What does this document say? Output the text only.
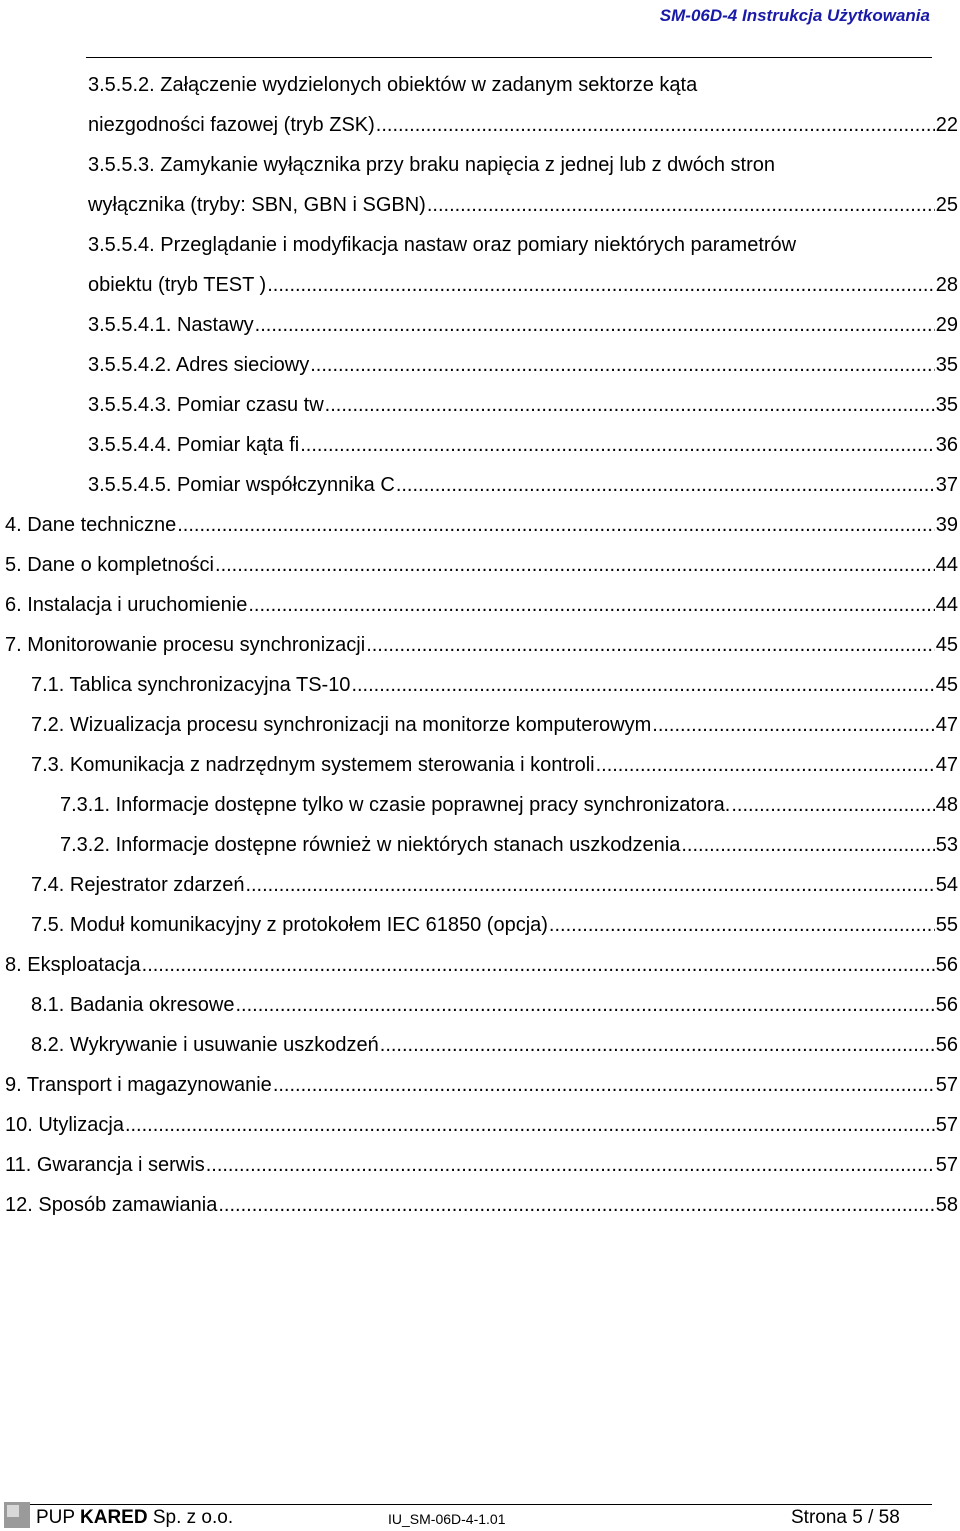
SM-06D-4 Instrukcja Użytkowania
3.5.5.2. Załączenie wydzielonych obiektów w zadanym sektorze kąta
niezgodności fazowej (tryb ZSK) .....	22
3.5.5.3. Zamykanie wyłącznika przy braku napięcia z jednej lub z dwóch stron
wyłącznika (tryby: SBN, GBN i SGBN) .....	25
3.5.5.4. Przeglądanie i modyfikacja nastaw oraz pomiary niektórych parametrów
obiektu (tryb TEST ) .....	28
3.5.5.4.1. Nastawy .....	29
3.5.5.4.2. Adres sieciowy .....	35
3.5.5.4.3. Pomiar czasu tw .....	35
3.5.5.4.4. Pomiar kąta fi .....	36
3.5.5.4.5. Pomiar współczynnika C .....	37
4. Dane techniczne .....	39
5. Dane o kompletności .....	44
6. Instalacja i uruchomienie .....	44
7. Monitorowanie procesu synchronizacji .....	45
7.1. Tablica synchronizacyjna TS-10 .....	45
7.2. Wizualizacja procesu synchronizacji na monitorze komputerowym .....	47
7.3. Komunikacja z nadrzędnym systemem sterowania i kontroli .....	47
7.3.1. Informacje dostępne tylko w czasie poprawnej pracy synchronizatora. .....	48
7.3.2. Informacje dostępne również w niektórych stanach uszkodzenia .....	53
7.4. Rejestrator zdarzeń .....	54
7.5. Moduł komunikacyjny z protokołem IEC 61850 (opcja) .....	55
8. Eksploatacja .....	56
8.1. Badania okresowe .....	56
8.2. Wykrywanie i usuwanie uszkodzeń .....	56
9. Transport i magazynowanie .....	57
10. Utylizacja .....	57
11. Gwarancja i serwis .....	57
12. Sposób zamawiania .....	58
PUP KARED Sp. z o.o.	IU_SM-06D-4-1.01	Strona 5 / 58
